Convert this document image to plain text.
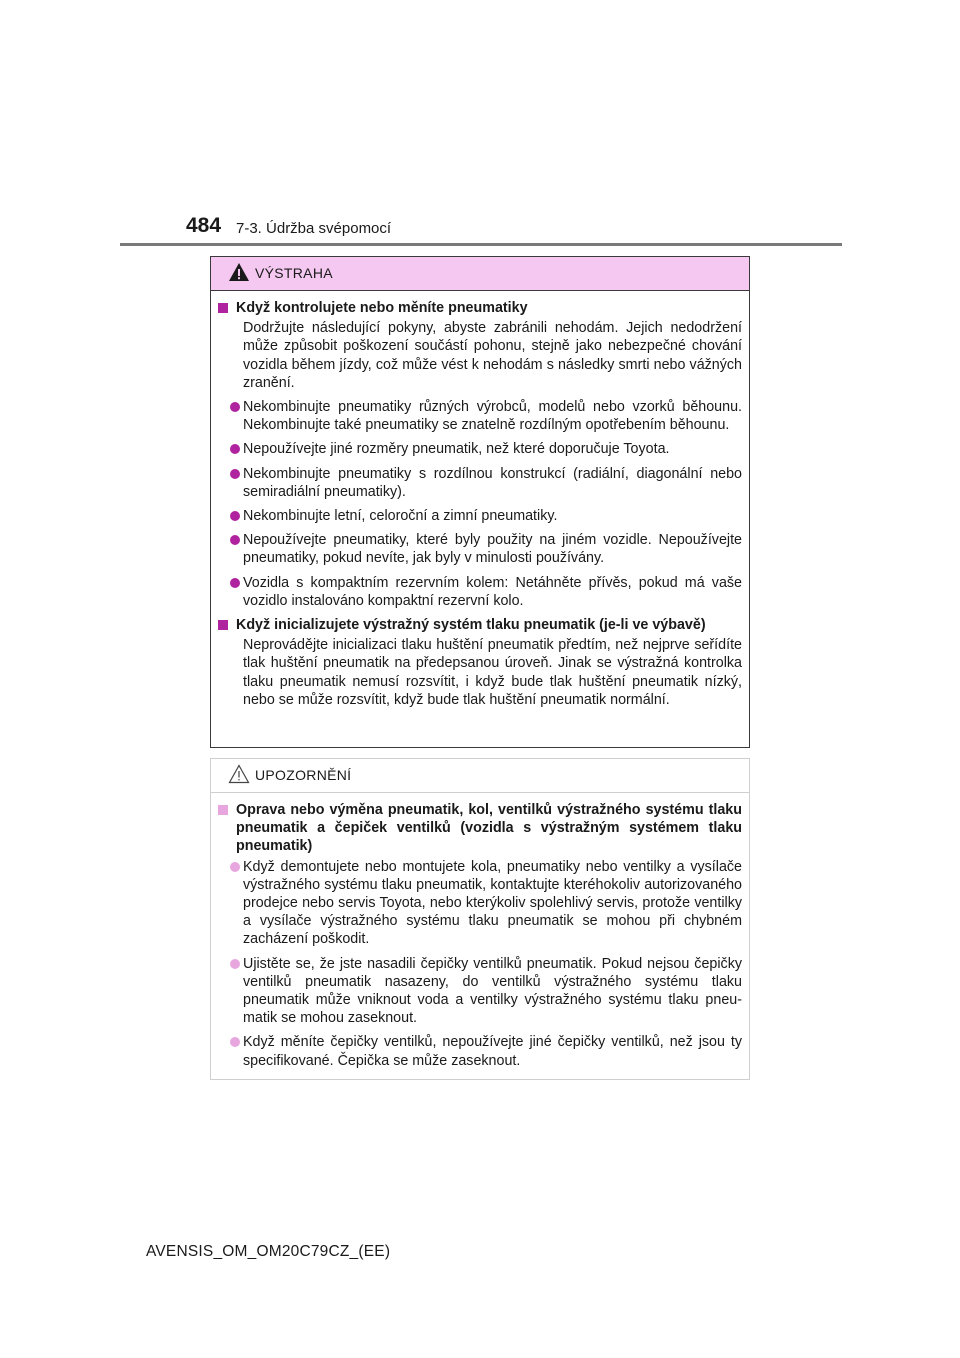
484 7-3. Údržba svépomocí
VÝSTRAHA
Když kontrolujete nebo měníte pneumatiky
Dodržujte následující pokyny, abyste zabránili nehodám. Jejich nedodržení může způsobit poškození součástí pohonu, stejně jako nebezpečné chování vozidla během jízdy, což může vést k nehodám s následky smrti nebo vážných zranění.
Nekombinujte pneumatiky různých výrobců, modelů nebo vzorků běhounu. Nekombinujte také pneumatiky se znatelně rozdílným opotřebením běhounu.
Nepoužívejte jiné rozměry pneumatik, než které doporučuje Toyota.
Nekombinujte pneumatiky s rozdílnou konstrukcí (radiální, diagonální nebo semiradiální pneumatiky).
Nekombinujte letní, celoroční a zimní pneumatiky.
Nepoužívejte pneumatiky, které byly použity na jiném vozidle. Nepoužívejte pneumatiky, pokud nevíte, jak byly v minulosti používány.
Vozidla s kompaktním rezervním kolem: Netáhněte přívěs, pokud má vaše vozidlo instalováno kompaktní rezervní kolo.
Když inicializujete výstražný systém tlaku pneumatik (je-li ve výbavě)
Neprovádějte inicializaci tlaku huštění pneumatik předtím, než nejprve seřídíte tlak huštění pneumatik na předepsanou úroveň. Jinak se výstražná kontrolka tlaku pneumatik nemusí rozsvítit, i když bude tlak huštění pneumatik nízký, nebo se může rozsvítit, když bude tlak huštění pneumatik normální.
UPOZORNĚNÍ
Oprava nebo výměna pneumatik, kol, ventilků výstražného systému tlaku pneumatik a čepiček ventilků (vozidla s výstražným systémem tlaku pneumatik)
Když demontujete nebo montujete kola, pneumatiky nebo ventilky a vysílače výstražného systému tlaku pneumatik, kontaktujte kteréhokoliv autorizovaného prodejce nebo servis Toyota, nebo kterýkoliv spolehlivý servis, protože ventilky a vysílače výstražného systému tlaku pneumatik se mohou při chybném zacházení poškodit.
Ujistěte se, že jste nasadili čepičky ventilků pneumatik. Pokud nejsou čepičky ventilků pneumatik nasazeny, do ventilků výstražného systému tlaku pneumatik může vniknout voda a ventilky výstražného systému tlaku pneumatik se mohou zaseknout.
Když měníte čepičky ventilků, nepoužívejte jiné čepičky ventilků, než jsou ty specifikované. Čepička se může zaseknout.
AVENSIS_OM_OM20C79CZ_(EE)
